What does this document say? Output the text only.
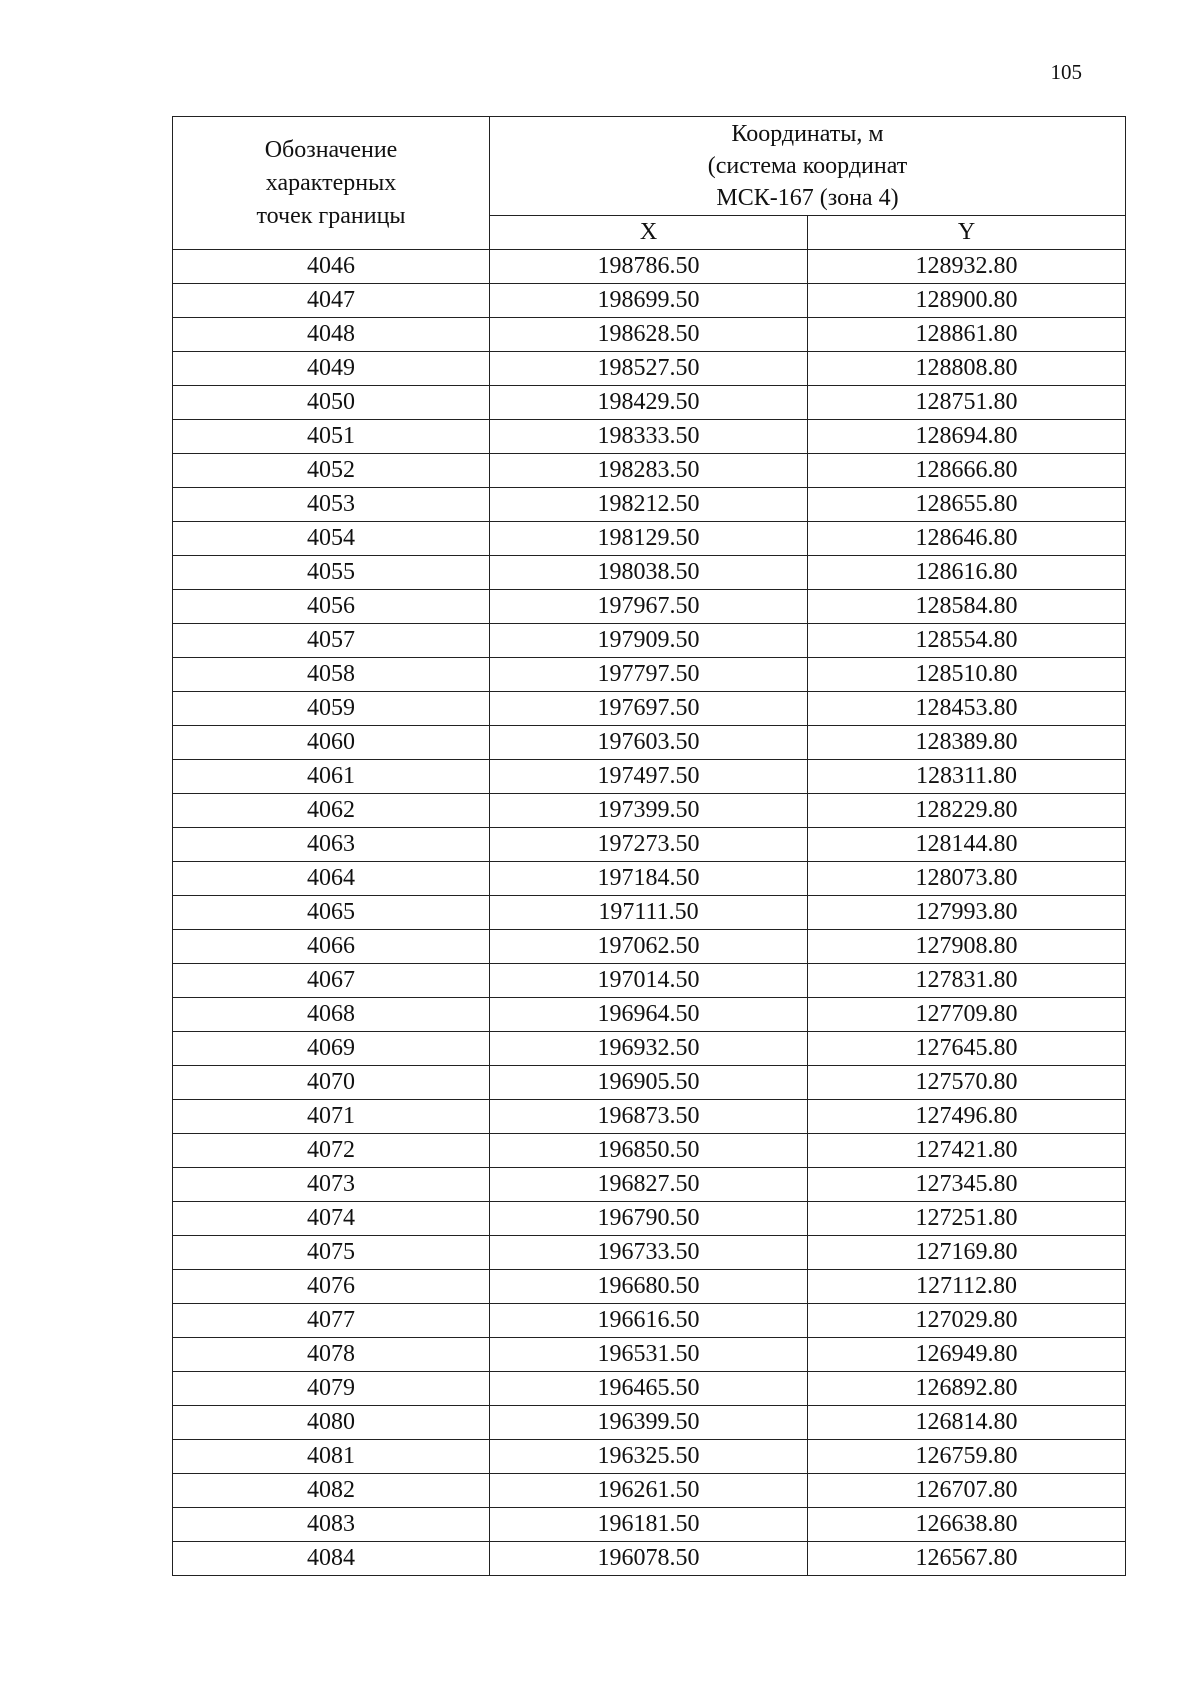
105
Обозначение
характерных
точек границы	Координаты, м
(система координат
МСК-167 (зона 4)	

	X	Y
4046	198786.50	128932.80
4047	198699.50	128900.80
4048	198628.50	128861.80
4049	198527.50	128808.80
4050	198429.50	128751.80
4051	198333.50	128694.80
4052	198283.50	128666.80
4053	198212.50	128655.80
4054	198129.50	128646.80
4055	198038.50	128616.80
4056	197967.50	128584.80
4057	197909.50	128554.80
4058	197797.50	128510.80
4059	197697.50	128453.80
4060	197603.50	128389.80
4061	197497.50	128311.80
4062	197399.50	128229.80
4063	197273.50	128144.80
4064	197184.50	128073.80
4065	197111.50	127993.80
4066	197062.50	127908.80
4067	197014.50	127831.80
4068	196964.50	127709.80
4069	196932.50	127645.80
4070	196905.50	127570.80
4071	196873.50	127496.80
4072	196850.50	127421.80
4073	196827.50	127345.80
4074	196790.50	127251.80
4075	196733.50	127169.80
4076	196680.50	127112.80
4077	196616.50	127029.80
4078	196531.50	126949.80
4079	196465.50	126892.80
4080	196399.50	126814.80
4081	196325.50	126759.80
4082	196261.50	126707.80
4083	196181.50	126638.80
4084	196078.50	126567.80
